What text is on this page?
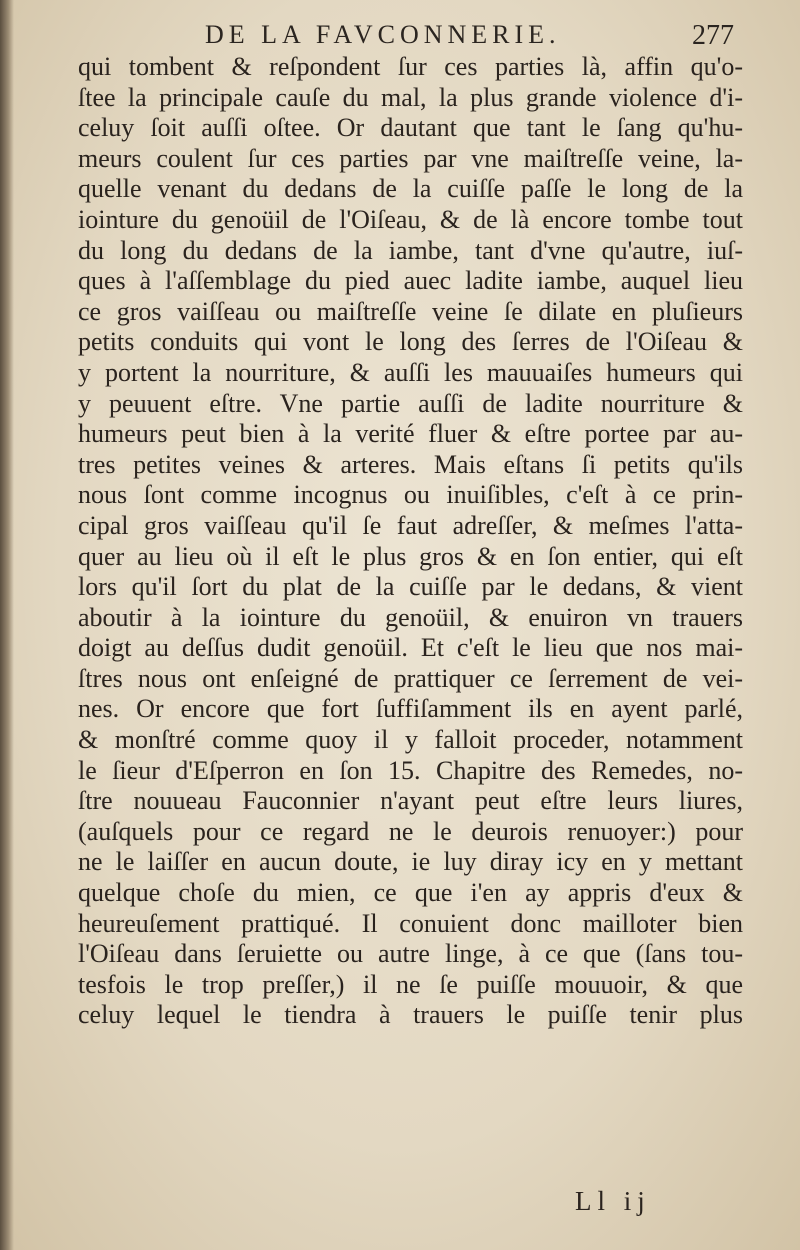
DE LA FAVCONNERIE.	277
qui tombent & reſpondent ſur ces parties là, affin qu'o-
ſtee la principale cauſe du mal, la plus grande violence d'i-
celuy ſoit auſſi oſtee. Or dautant que tant le ſang qu'hu-
meurs coulent ſur ces parties par vne maiſtreſſe veine, la-
quelle venant du dedans de la cuiſſe paſſe le long de la
iointure du genoüil de l'Oiſeau, & de là encore tombe tout
du long du dedans de la iambe, tant d'vne qu'autre, iuſ-
ques à l'aſſemblage du pied auec ladite iambe, auquel lieu
ce gros vaiſſeau ou maiſtreſſe veine ſe dilate en pluſieurs
petits conduits qui vont le long des ſerres de l'Oiſeau &
y portent la nourriture, & auſſi les mauuaiſes humeurs qui
y peuuent eſtre. Vne partie auſſi de ladite nourriture &
humeurs peut bien à la verité fluer & eſtre portee par au-
tres petites veines & arteres. Mais eſtans ſi petits qu'ils
nous ſont comme incognus ou inuiſibles, c'eſt à ce prin-
cipal gros vaiſſeau qu'il ſe faut adreſſer, & meſmes l'atta-
quer au lieu où il eſt le plus gros & en ſon entier, qui eſt
lors qu'il ſort du plat de la cuiſſe par le dedans, & vient
aboutir à la iointure du genoüil, & enuiron vn trauers
doigt au deſſus dudit genoüil. Et c'eſt le lieu que nos mai-
ſtres nous ont enſeigné de prattiquer ce ſerrement de vei-
nes. Or encore que fort ſuffiſamment ils en ayent parlé,
& monſtré comme quoy il y falloit proceder, notamment
le ſieur d'Eſperron en ſon 15. Chapitre des Remedes, no-
ſtre nouueau Fauconnier n'ayant peut eſtre leurs liures,
(auſquels pour ce regard ne le deurois renuoyer:) pour
ne le laiſſer en aucun doute, ie luy diray icy en y mettant
quelque choſe du mien, ce que i'en ay appris d'eux &
heureuſement prattiqué. Il conuient donc mailloter bien
l'Oiſeau dans ſeruiette ou autre linge, à ce que (ſans tou-
tesfois le trop preſſer,) il ne ſe puiſſe mouuoir, & que
celuy lequel le tiendra à trauers le puiſſe tenir plus
Ll ij
